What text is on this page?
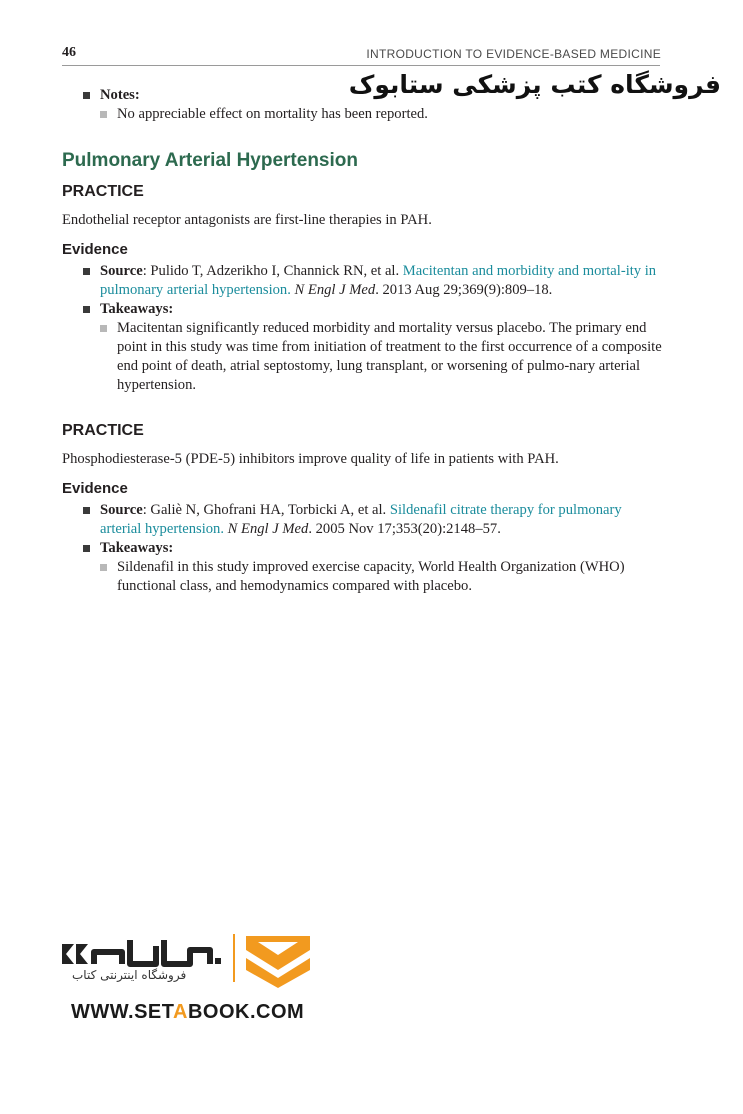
46	INTRODUCTION TO EVIDENCE-BASED MEDICINE
فروشگاه کتب پزشکی ستابوک
Notes:
No appreciable effect on mortality has been reported.
Pulmonary Arterial Hypertension
PRACTICE
Endothelial receptor antagonists are first-line therapies in PAH.
Evidence
Source: Pulido T, Adzerikho I, Channick RN, et al. Macitentan and morbidity and mortal-ity in pulmonary arterial hypertension. N Engl J Med. 2013 Aug 29;369(9):809–18.
Takeaways:
Macitentan significantly reduced morbidity and mortality versus placebo. The primary end point in this study was time from initiation of treatment to the first occurrence of a composite end point of death, atrial septostomy, lung transplant, or worsening of pulmo-nary arterial hypertension.
PRACTICE
Phosphodiesterase-5 (PDE-5) inhibitors improve quality of life in patients with PAH.
Evidence
Source: Galiè N, Ghofrani HA, Torbicki A, et al. Sildenafil citrate therapy for pulmonary arterial hypertension. N Engl J Med. 2005 Nov 17;353(20):2148–57.
Takeaways:
Sildenafil in this study improved exercise capacity, World Health Organization (WHO) functional class, and hemodynamics compared with placebo.
فروشگاه اینترنتی کتاب
WWW.SETABOOK.COM
